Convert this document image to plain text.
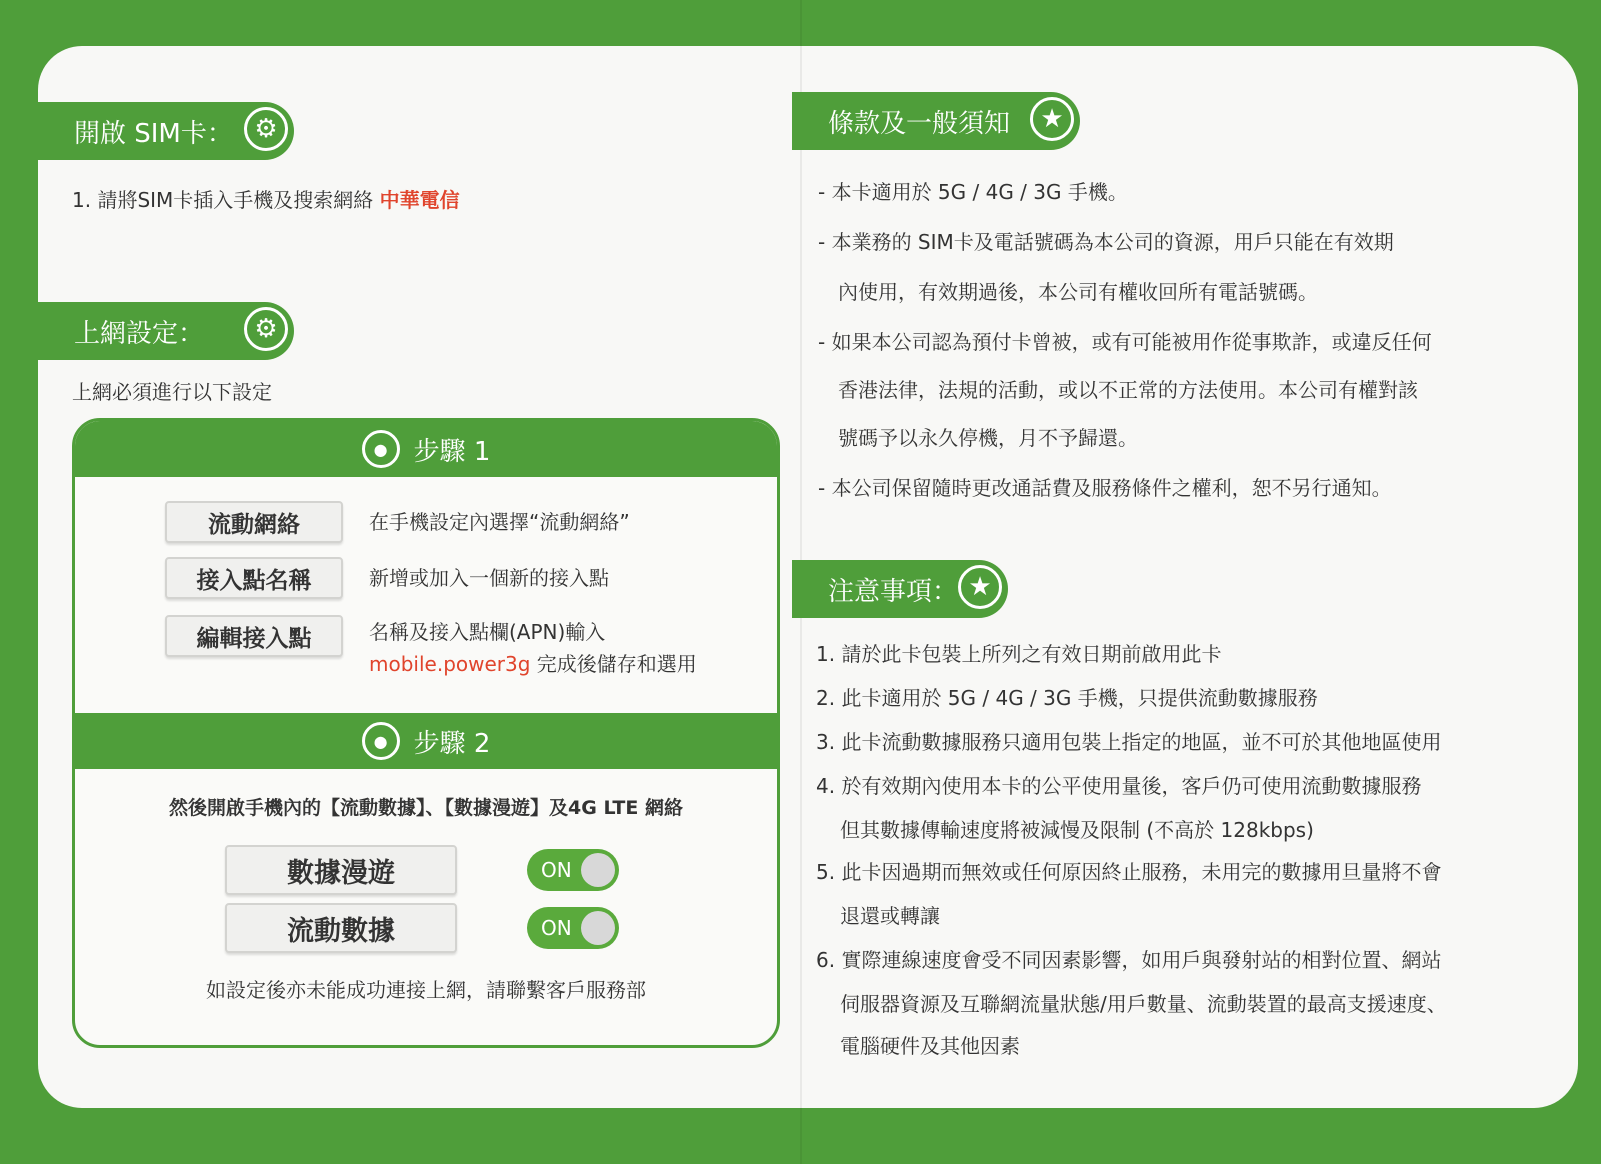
開啟 SIM卡： ⚙
1. 請將SIM卡插入手機及搜索網絡 中華電信
上網設定：	⚙
上網必須進行以下設定
●	步驟 1
流動網絡	在手機設定內選擇“流動網絡”
接入點名稱	新增或加入一個新的接入點
編輯接入點	名稱及接入點欄(APN)輸入
mobile.power3g 完成後儲存和選用
●	步驟 2
然後開啟手機內的【流動數據】、【數據漫遊】及4G LTE 網絡
數據漫遊	ON
流動數據	ON
如設定後亦未能成功連接上網，請聯繫客戶服務部
條款及一般須知	★
- 本卡適用於 5G / 4G / 3G 手機。
- 本業務的 SIM卡及電話號碼為本公司的資源，用戶只能在有效期
內使用，有效期過後，本公司有權收回所有電話號碼。
- 如果本公司認為預付卡曾被，或有可能被用作從事欺詐，或違反任何
香港法律，法規的活動，或以不正常的方法使用。本公司有權對該
號碼予以永久停機，月不予歸還。
- 本公司保留隨時更改通話費及服務條件之權利，恕不另行通知。
注意事項： ★
1. 請於此卡包裝上所列之有效日期前啟用此卡
2. 此卡適用於 5G / 4G / 3G 手機，只提供流動數據服務
3. 此卡流動數據服務只適用包裝上指定的地區，並不可於其他地區使用
4. 於有效期內使用本卡的公平使用量後，客戶仍可使用流動數據服務
但其數據傳輸速度將被減慢及限制 (不高於 128kbps)
5. 此卡因過期而無效或任何原因終止服務，未用完的數據用旦量將不會
退還或轉讓
6. 實際連線速度會受不同因素影響，如用戶與發射站的相對位置、網站
伺服器資源及互聯網流量狀態/用戶數量、流動裝置的最高支援速度、
電腦硬件及其他因素
